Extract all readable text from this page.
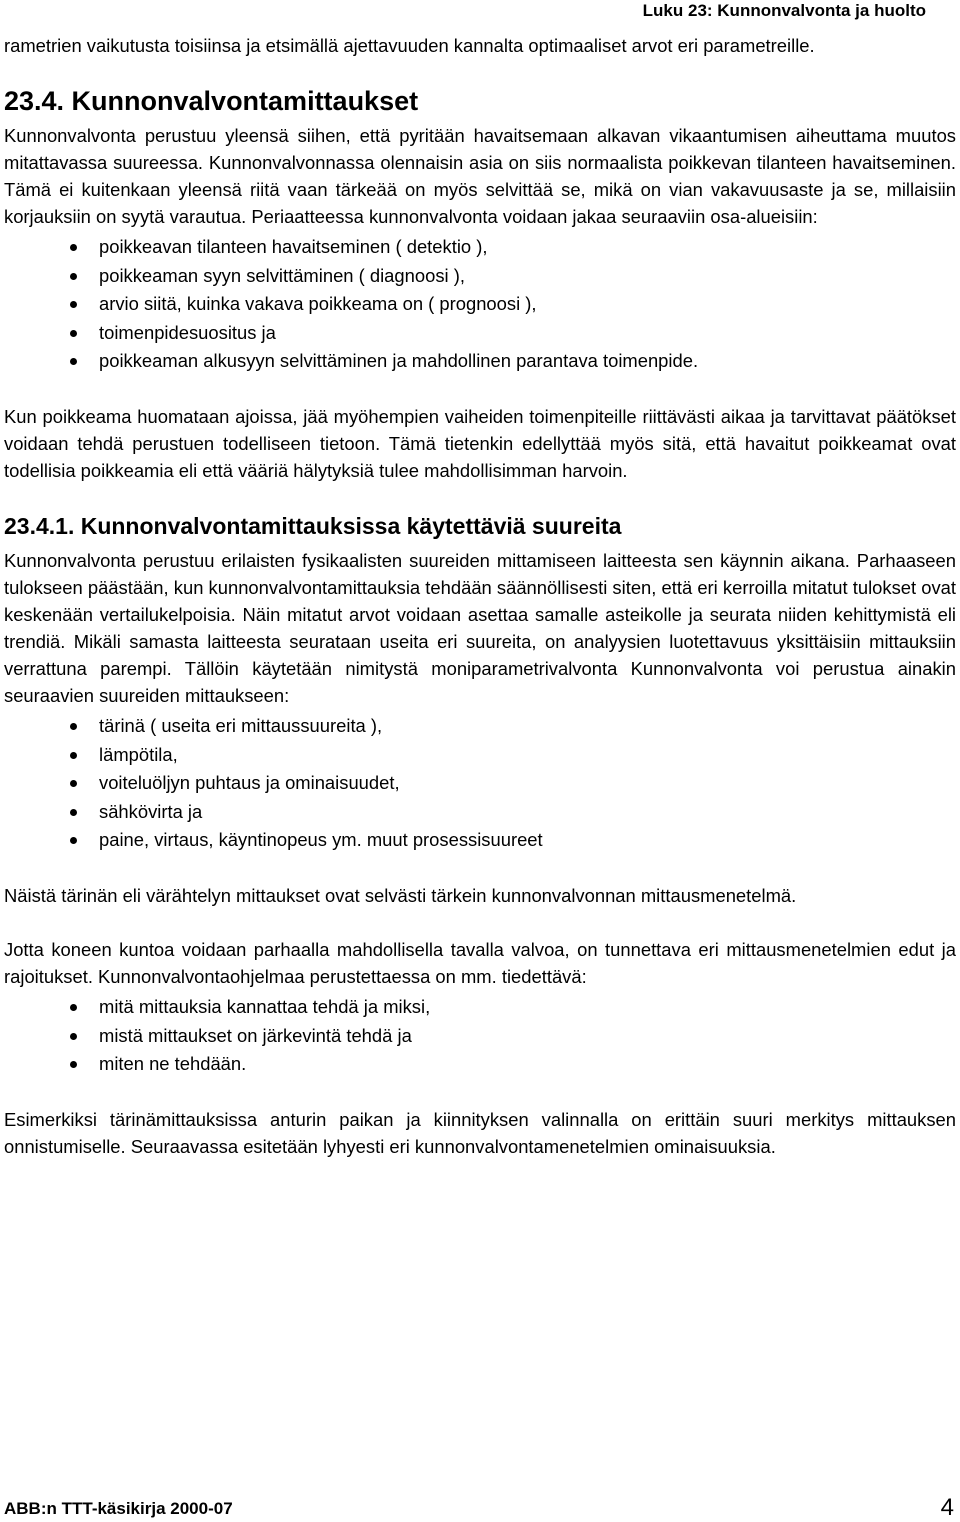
Luku 23: Kunnonvalvonta ja huolto

rametrien vaikutusta toisiinsa ja etsimällä ajettavuuden kannalta optimaaliset arvot eri parametreille.

23.4. Kunnonvalvontamittaukset

Kunnonvalvonta perustuu yleensä siihen, että pyritään havaitsemaan alkavan vikaantumisen aiheuttama muutos mitattavassa suureessa. Kunnonvalvonnassa olennaisin asia on siis normaalista poikkevan tilanteen havaitseminen. Tämä ei kuitenkaan yleensä riitä vaan tärkeää on myös selvittää se, mikä on vian vakavuusaste ja se, millaisiin korjauksiin on syytä varautua. Periaatteessa kunnonvalvonta voidaan jakaa seuraaviin osa-alueisiin:

poikkeavan tilanteen havaitseminen ( detektio ),
poikkeaman syyn selvittäminen ( diagnoosi ),
arvio siitä, kuinka vakava poikkeama on ( prognoosi ),
toimenpidesuositus ja
poikkeaman alkusyyn selvittäminen ja mahdollinen parantava toimenpide.

Kun poikkeama huomataan ajoissa, jää myöhempien vaiheiden toimenpiteille riittävästi aikaa ja tarvittavat päätökset voidaan tehdä perustuen todelliseen tietoon. Tämä tietenkin edellyttää myös sitä, että havaitut poikkeamat ovat todellisia poikkeamia eli että vääriä hälytyksiä tulee mahdollisimman harvoin.

23.4.1. Kunnonvalvontamittauksissa käytettäviä suureita

Kunnonvalvonta perustuu erilaisten fysikaalisten suureiden mittamiseen laitteesta sen käynnin aikana. Parhaaseen tulokseen päästään, kun kunnonvalvontamittauksia tehdään säännöllisesti siten, että eri kerroilla mitatut tulokset ovat keskenään vertailukelpoisia. Näin mitatut arvot voidaan asettaa samalle asteikolle ja seurata niiden kehittymistä eli trendiä. Mikäli samasta laitteesta seurataan useita eri suureita, on analyysien luotettavuus yksittäisiin mittauksiin verrattuna parempi. Tällöin käytetään nimitystä moniparametrivalvonta Kunnonvalvonta voi perustua ainakin seuraavien suureiden mittaukseen:

tärinä ( useita eri mittaussuureita ),
lämpötila,
voiteluöljyn puhtaus ja ominaisuudet,
sähkövirta ja
paine, virtaus, käyntinopeus ym. muut prosessisuureet

Näistä tärinän eli värähtelyn mittaukset ovat selvästi tärkein kunnonvalvonnan mittausmenetelmä.

Jotta koneen kuntoa voidaan parhaalla mahdollisella tavalla valvoa, on tunnettava eri mittausmenetelmien edut ja rajoitukset. Kunnonvalvontaohjelmaa perustettaessa on mm. tiedettävä:

mitä mittauksia kannattaa tehdä ja miksi,
mistä mittaukset on järkevintä tehdä ja
miten ne tehdään.

Esimerkiksi tärinämittauksissa anturin paikan ja kiinnityksen valinnalla on erittäin suuri merkitys mittauksen onnistumiselle. Seuraavassa esitetään lyhyesti eri kunnonvalvontamenetelmien ominaisuuksia.

ABB:n TTT-käsikirja 2000-07	4
